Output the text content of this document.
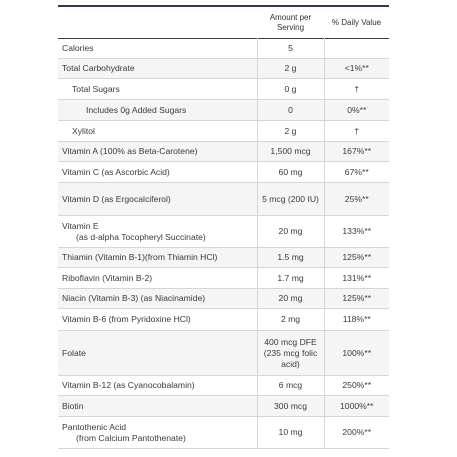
	Amount per Serving	% Daily Value
Calories	5	
Total Carbohydrate	2 g	<1%**
Total Sugars	0 g	†
Includes 0g Added Sugars	0	0%**
Xylitol	2 g	†
Vitamin A (100% as Beta-Carotene)	1,500 mcg	167%**
Vitamin C (as Ascorbic Acid)	60 mg	67%**
Vitamin D (as Ergocalciferol)	5 mcg (200 IU)	25%**
Vitamin E
(as d-alpha Tocopheryl Succinate)	20 mg	133%**
Thiamin (Vitamin B-1)(from Thiamin HCl)	1.5 mg	125%**
Riboflavin (Vitamin B-2)	1.7 mg	131%**
Niacin (Vitamin B-3) (as Niacinamide)	20 mg	125%**
Vitamin B-6 (from Pyridoxine HCl)	2 mg	118%**
Folate	400 mcg DFE (235 mcg folic acid)	100%**
Vitamin B-12 (as Cyanocobalamin)	6 mcg	250%**
Biotin	300 mcg	1000%**
Pantothenic Acid
(from Calcium Pantothenate)	10 mg	200%**
